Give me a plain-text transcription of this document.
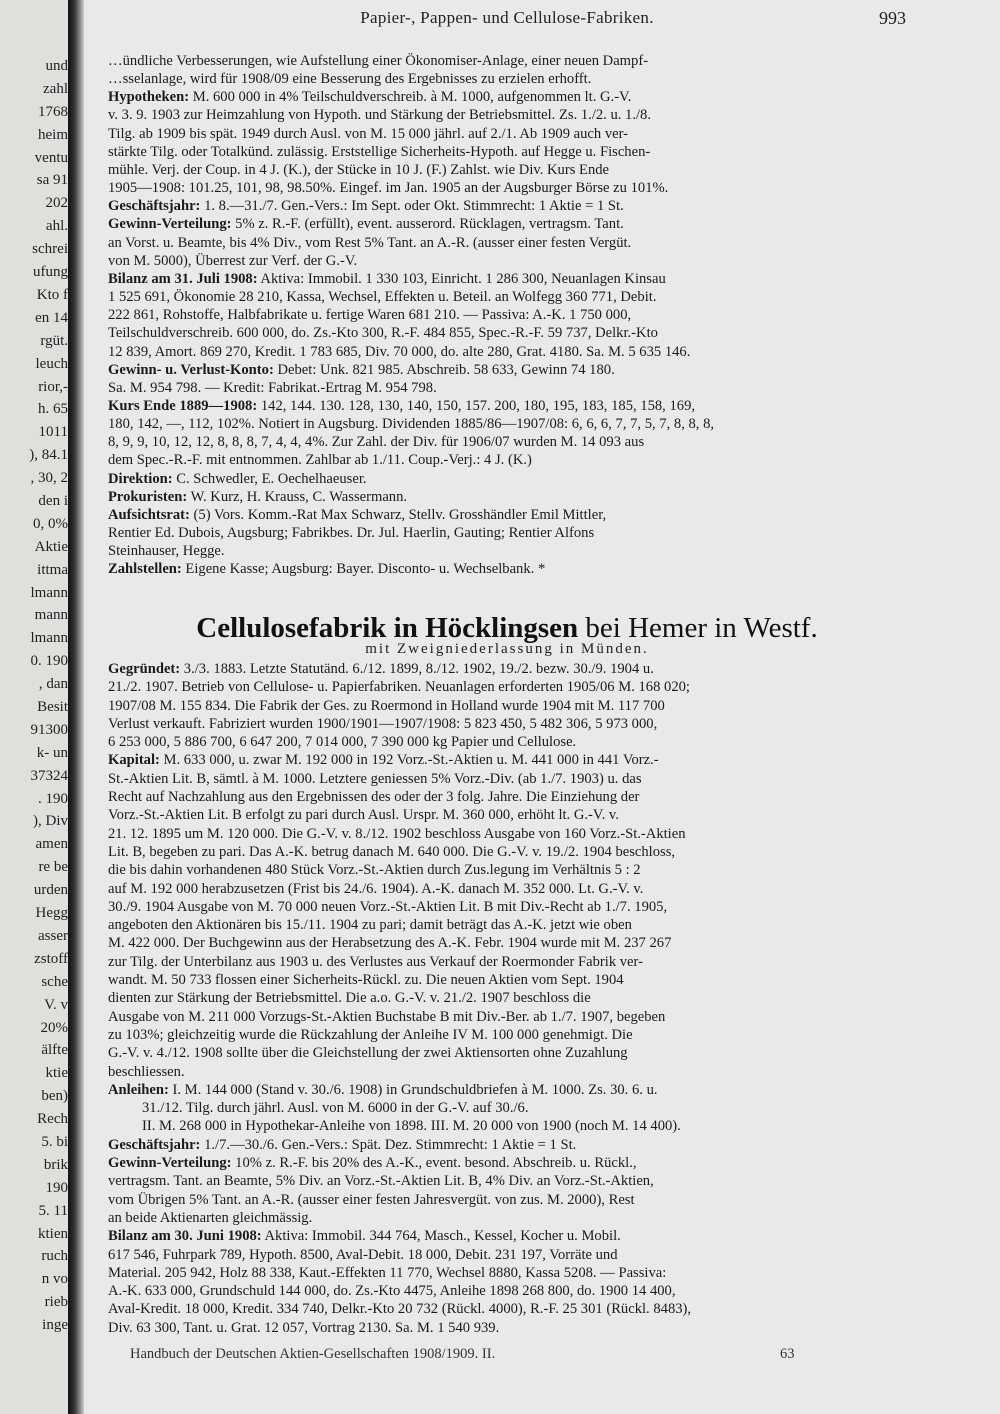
und
zahl
1768
heim
ventu
sa 91
202
ahl.
schrei
ufung
Kto f
en 14
rgüt.
leuch
rior,-
h. 65
1011
), 84.1
, 30, 2
den i
0, 0%
Aktie
ittma
lmann
mann
lmann
0. 190
, dan
Besit
91300
k- un
37324
. 190
), Div
amen
re be
urden
Hegg
asser
zstoff
sche
V. v
20%
älfte
ktie
ben)
Rech
5. bi
brik
190
5. 11
ktien
ruch
n vo
rieb
inge
Papier-, Pappen- und Cellulose-Fabriken.	993
…ündliche Verbesserungen, wie Aufstellung einer Ökonomiser-Anlage, einer neuen Dampf-
…sselanlage, wird für 1908/09 eine Besserung des Ergebnisses zu erzielen erhofft.
Hypotheken: M. 600 000 in 4% Teilschuldverschreib. à M. 1000, aufgenommen lt. G.-V.
v. 3. 9. 1903 zur Heimzahlung von Hypoth. und Stärkung der Betriebsmittel. Zs. 1./2. u. 1./8.
Tilg. ab 1909 bis spät. 1949 durch Ausl. von M. 15 000 jährl. auf 2./1. Ab 1909 auch ver-
stärkte Tilg. oder Totalkünd. zulässig. Erststellige Sicherheits-Hypoth. auf Hegge u. Fischen-
mühle. Verj. der Coup. in 4 J. (K.), der Stücke in 10 J. (F.) Zahlst. wie Div. Kurs Ende
1905—1908: 101.25, 101, 98, 98.50%. Eingef. im Jan. 1905 an der Augsburger Börse zu 101%.
Geschäftsjahr: 1. 8.—31./7. Gen.-Vers.: Im Sept. oder Okt. Stimmrecht: 1 Aktie = 1 St.
Gewinn-Verteilung: 5% z. R.-F. (erfüllt), event. ausserord. Rücklagen, vertragsm. Tant.
an Vorst. u. Beamte, bis 4% Div., vom Rest 5% Tant. an A.-R. (ausser einer festen Vergüt.
von M. 5000), Überrest zur Verf. der G.-V.
Bilanz am 31. Juli 1908: Aktiva: Immobil. 1 330 103, Einricht. 1 286 300, Neuanlagen Kinsau
1 525 691, Ökonomie 28 210, Kassa, Wechsel, Effekten u. Beteil. an Wolfegg 360 771, Debit.
222 861, Rohstoffe, Halbfabrikate u. fertige Waren 681 210. — Passiva: A.-K. 1 750 000,
Teilschuldverschreib. 600 000, do. Zs.-Kto 300, R.-F. 484 855, Spec.-R.-F. 59 737, Delkr.-Kto
12 839, Amort. 869 270, Kredit. 1 783 685, Div. 70 000, do. alte 280, Grat. 4180. Sa. M. 5 635 146.
Gewinn- u. Verlust-Konto: Debet: Unk. 821 985. Abschreib. 58 633, Gewinn 74 180.
Sa. M. 954 798. — Kredit: Fabrikat.-Ertrag M. 954 798.
Kurs Ende 1889—1908: 142, 144. 130. 128, 130, 140, 150, 157. 200, 180, 195, 183, 185, 158, 169,
180, 142, —, 112, 102%. Notiert in Augsburg. Dividenden 1885/86—1907/08: 6, 6, 6, 7, 7, 5, 7, 8, 8, 8,
8, 9, 9, 10, 12, 12, 8, 8, 8, 7, 4, 4, 4%. Zur Zahl. der Div. für 1906/07 wurden M. 14 093 aus
dem Spec.-R.-F. mit entnommen. Zahlbar ab 1./11. Coup.-Verj.: 4 J. (K.)
Direktion: C. Schwedler, E. Oechelhaeuser.
Prokuristen: W. Kurz, H. Krauss, C. Wassermann.
Aufsichtsrat: (5) Vors. Komm.-Rat Max Schwarz, Stellv. Grosshändler Emil Mittler,
Rentier Ed. Dubois, Augsburg; Fabrikbes. Dr. Jul. Haerlin, Gauting; Rentier Alfons
Steinhauser, Hegge.
Zahlstellen: Eigene Kasse; Augsburg: Bayer. Disconto- u. Wechselbank. *
Cellulosefabrik in Höcklingsen bei Hemer in Westf.
mit Zweigniederlassung in Münden.
Gegründet: 3./3. 1883. Letzte Statutänd. 6./12. 1899, 8./12. 1902, 19./2. bezw. 30./9. 1904 u.
21./2. 1907. Betrieb von Cellulose- u. Papierfabriken. Neuanlagen erforderten 1905/06 M. 168 020;
1907/08 M. 155 834. Die Fabrik der Ges. zu Roermond in Holland wurde 1904 mit M. 117 700
Verlust verkauft. Fabriziert wurden 1900/1901—1907/1908: 5 823 450, 5 482 306, 5 973 000,
6 253 000, 5 886 700, 6 647 200, 7 014 000, 7 390 000 kg Papier und Cellulose.
Kapital: M. 633 000, u. zwar M. 192 000 in 192 Vorz.-St.-Aktien u. M. 441 000 in 441 Vorz.-
St.-Aktien Lit. B, sämtl. à M. 1000. Letztere geniessen 5% Vorz.-Div. (ab 1./7. 1903) u. das
Recht auf Nachzahlung aus den Ergebnissen des oder der 3 folg. Jahre. Die Einziehung der
Vorz.-St.-Aktien Lit. B erfolgt zu pari durch Ausl. Urspr. M. 360 000, erhöht lt. G.-V. v.
21. 12. 1895 um M. 120 000. Die G.-V. v. 8./12. 1902 beschloss Ausgabe von 160 Vorz.-St.-Aktien
Lit. B, begeben zu pari. Das A.-K. betrug danach M. 640 000. Die G.-V. v. 19./2. 1904 beschloss,
die bis dahin vorhandenen 480 Stück Vorz.-St.-Aktien durch Zus.legung im Verhältnis 5 : 2
auf M. 192 000 herabzusetzen (Frist bis 24./6. 1904). A.-K. danach M. 352 000. Lt. G.-V. v.
30./9. 1904 Ausgabe von M. 70 000 neuen Vorz.-St.-Aktien Lit. B mit Div.-Recht ab 1./7. 1905,
angeboten den Aktionären bis 15./11. 1904 zu pari; damit beträgt das A.-K. jetzt wie oben
M. 422 000. Der Buchgewinn aus der Herabsetzung des A.-K. Febr. 1904 wurde mit M. 237 267
zur Tilg. der Unterbilanz aus 1903 u. des Verlustes aus Verkauf der Roermonder Fabrik ver-
wandt. M. 50 733 flossen einer Sicherheits-Rückl. zu. Die neuen Aktien vom Sept. 1904
dienten zur Stärkung der Betriebsmittel. Die a.o. G.-V. v. 21./2. 1907 beschloss die
Ausgabe von M. 211 000 Vorzugs-St.-Aktien Buchstabe B mit Div.-Ber. ab 1./7. 1907, begeben
zu 103%; gleichzeitig wurde die Rückzahlung der Anleihe IV M. 100 000 genehmigt. Die
G.-V. v. 4./12. 1908 sollte über die Gleichstellung der zwei Aktiensorten ohne Zuzahlung
beschliessen.
Anleihen: I. M. 144 000 (Stand v. 30./6. 1908) in Grundschuldbriefen à M. 1000. Zs. 30. 6. u.
31./12. Tilg. durch jährl. Ausl. von M. 6000 in der G.-V. auf 30./6.
II. M. 268 000 in Hypothekar-Anleihe von 1898. III. M. 20 000 von 1900 (noch M. 14 400).
Geschäftsjahr: 1./7.—30./6. Gen.-Vers.: Spät. Dez. Stimmrecht: 1 Aktie = 1 St.
Gewinn-Verteilung: 10% z. R.-F. bis 20% des A.-K., event. besond. Abschreib. u. Rückl.,
vertragsm. Tant. an Beamte, 5% Div. an Vorz.-St.-Aktien Lit. B, 4% Div. an Vorz.-St.-Aktien,
vom Übrigen 5% Tant. an A.-R. (ausser einer festen Jahresvergüt. von zus. M. 2000), Rest
an beide Aktienarten gleichmässig.
Bilanz am 30. Juni 1908: Aktiva: Immobil. 344 764, Masch., Kessel, Kocher u. Mobil.
617 546, Fuhrpark 789, Hypoth. 8500, Aval-Debit. 18 000, Debit. 231 197, Vorräte und
Material. 205 942, Holz 88 338, Kaut.-Effekten 11 770, Wechsel 8880, Kassa 5208. — Passiva:
A.-K. 633 000, Grundschuld 144 000, do. Zs.-Kto 4475, Anleihe 1898 268 800, do. 1900 14 400,
Aval-Kredit. 18 000, Kredit. 334 740, Delkr.-Kto 20 732 (Rückl. 4000), R.-F. 25 301 (Rückl. 8483),
Div. 63 300, Tant. u. Grat. 12 057, Vortrag 2130. Sa. M. 1 540 939.
Handbuch der Deutschen Aktien-Gesellschaften 1908/1909. II.	63
